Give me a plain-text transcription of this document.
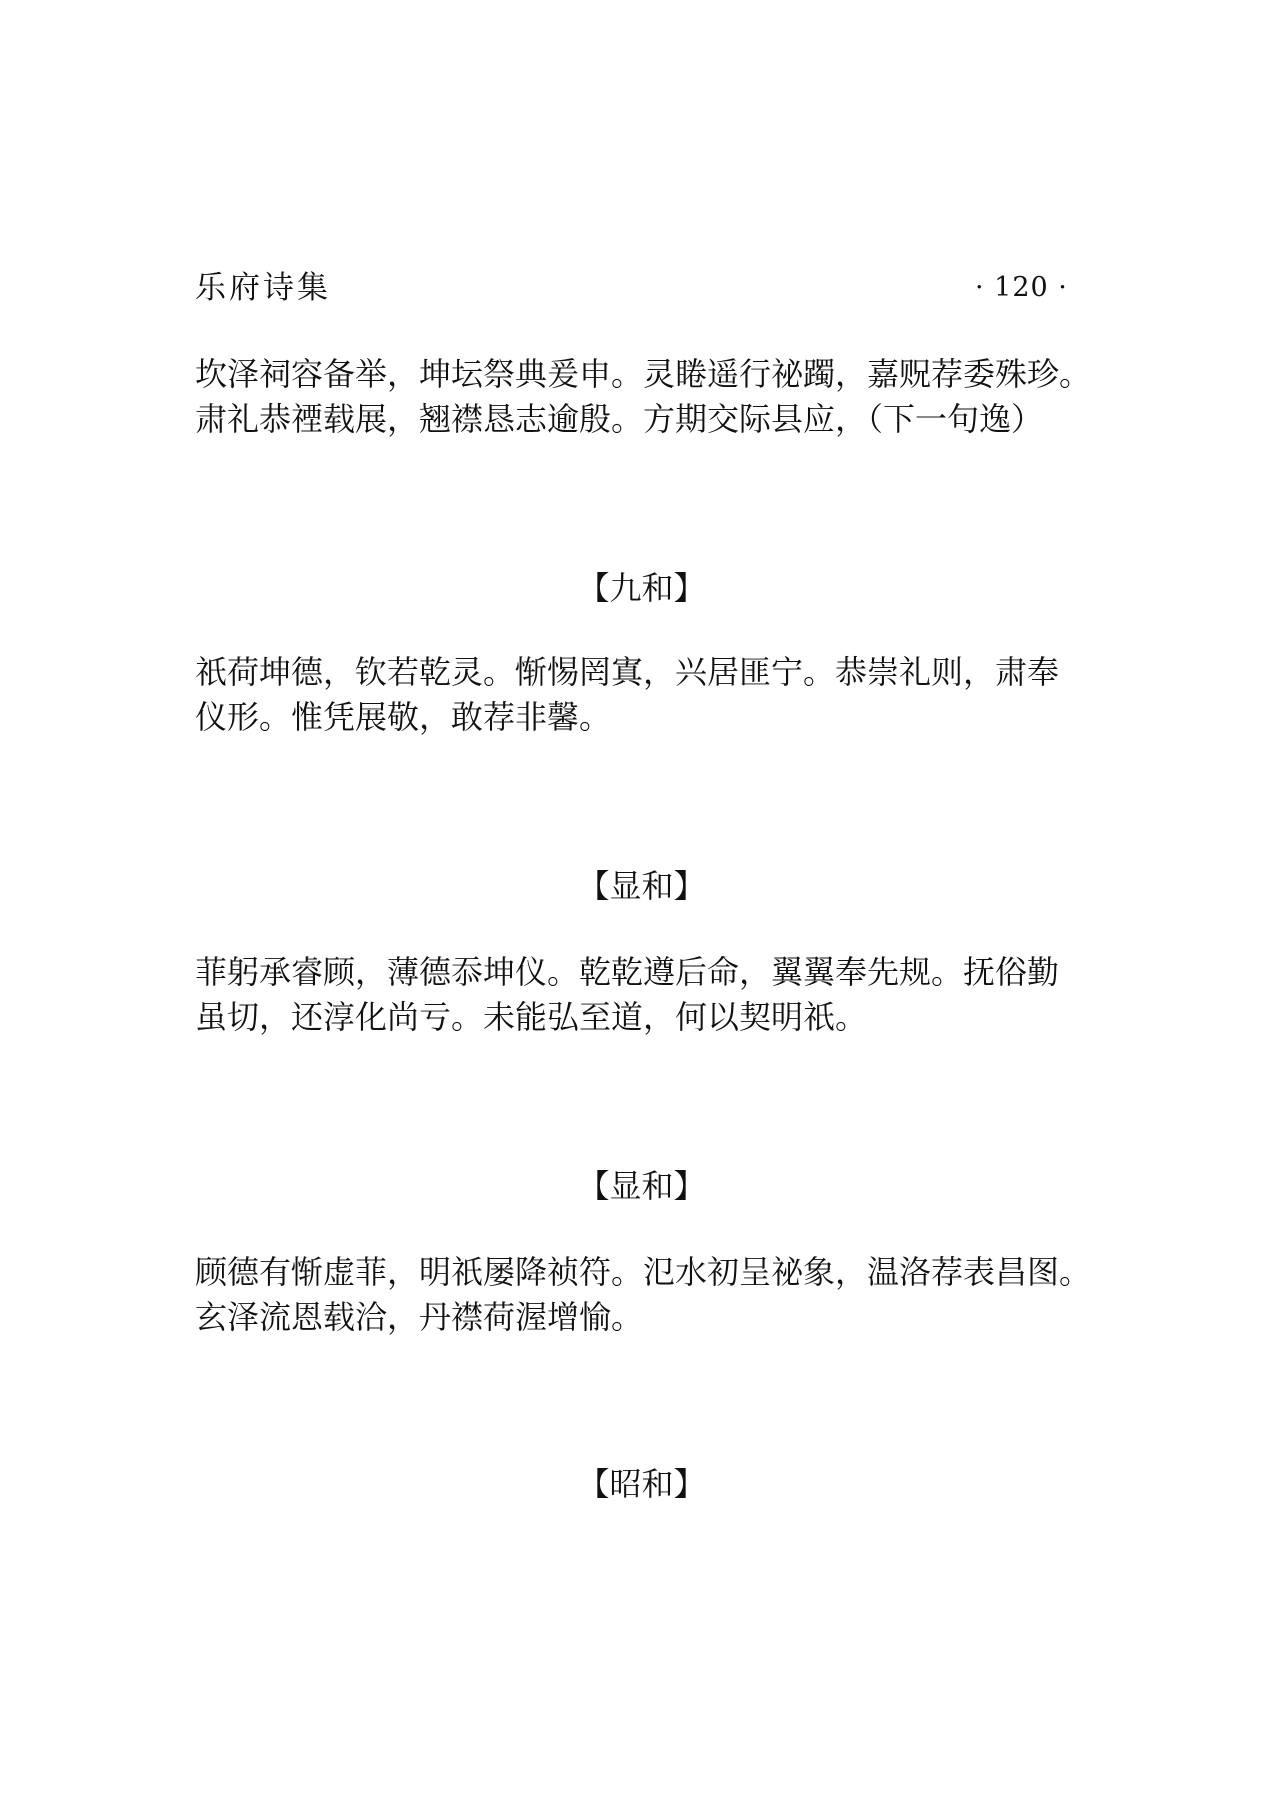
乐府诗集	· 120 ·

坎泽祠容备举，坤坛祭典爰申。灵睠遥行祕躅，嘉贶荐委殊珍。
肃礼恭禋载展，翘襟恳志逾殷。方期交际县应，（下一句逸）

【九和】

祇荷坤德，钦若乾灵。惭惕罔寘，兴居匪宁。恭崇礼则，肃奉
仪形。惟凭展敬，敢荐非馨。

【显和】

菲躬承睿顾，薄德忝坤仪。乾乾遵后命，翼翼奉先规。抚俗勤
虽切，还淳化尚亏。未能弘至道，何以契明祇。

【显和】

顾德有惭虚菲，明祇屡降祯符。氾水初呈祕象，温洛荐表昌图。
玄泽流恩载洽，丹襟荷渥增愉。

【昭和】
